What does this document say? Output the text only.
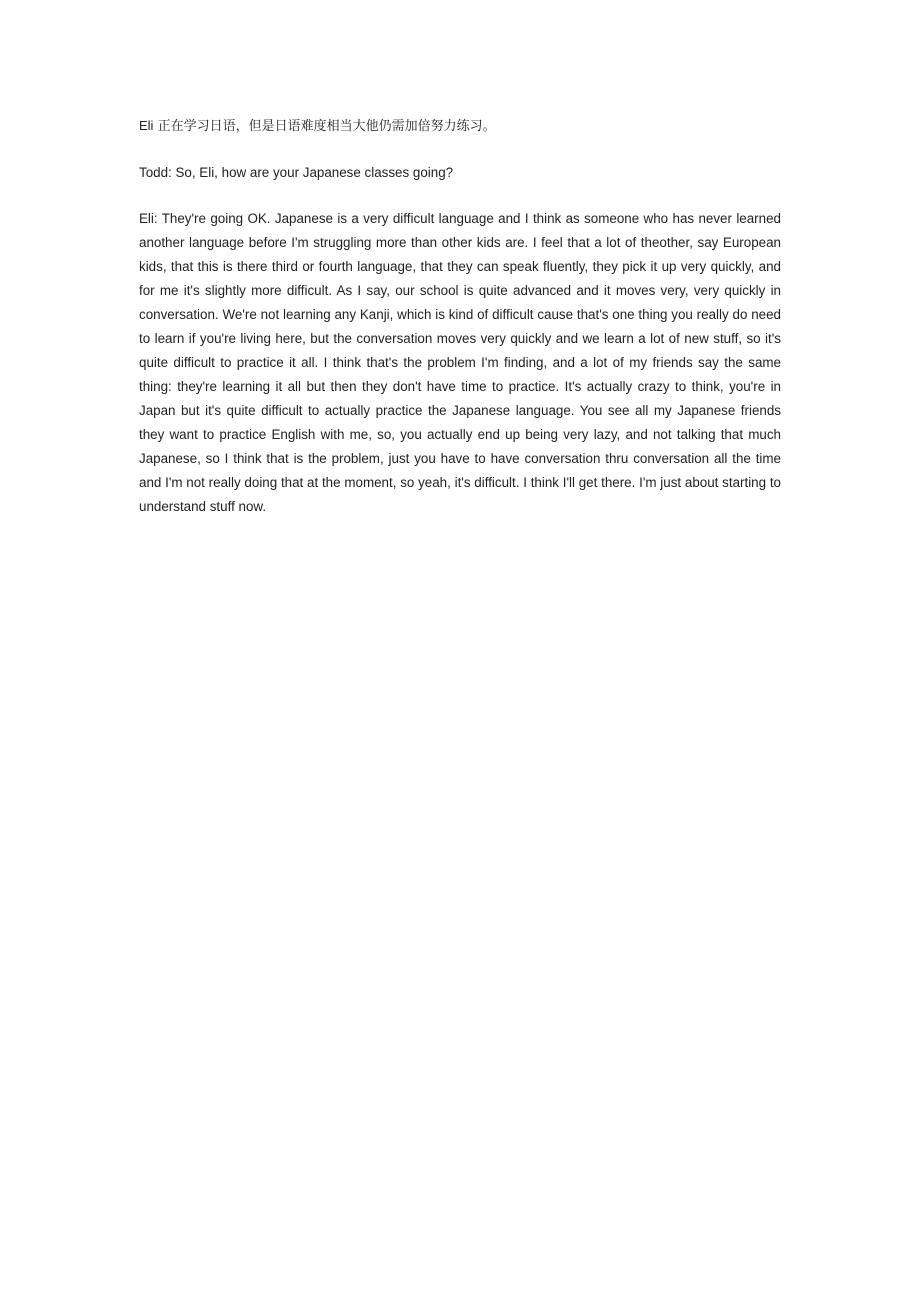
Eli 正在学习日语，但是日语难度相当大他仍需加倍努力练习。

Todd: So, Eli, how are your Japanese classes going?

Eli: They're going OK. Japanese is a very difficult language and I think as someone who has never learned another language before I'm struggling more than other kids are. I feel that a lot of theother, say European kids, that this is there third or fourth language, that they can speak fluently, they pick it up very quickly, and for me it's slightly more difficult. As I say, our school is quite advanced and it moves very, very quickly in conversation. We're not learning any Kanji, which is kind of difficult cause that's one thing you really do need to learn if you're living here, but the conversation moves very quickly and we learn a lot of new stuff, so it's quite difficult to practice it all. I think that's the problem I'm finding, and a lot of my friends say the same thing: they're learning it all but then they don't have time to practice. It's actually crazy to think, you're in Japan but it's quite difficult to actually practice the Japanese language. You see all my Japanese friends they want to practice English with me, so, you actually end up being very lazy, and not talking that much Japanese, so I think that is the problem, just you have to have conversation thru conversation all the time and I'm not really doing that at the moment, so yeah, it's difficult. I think I'll get there. I'm just about starting to understand stuff now.
